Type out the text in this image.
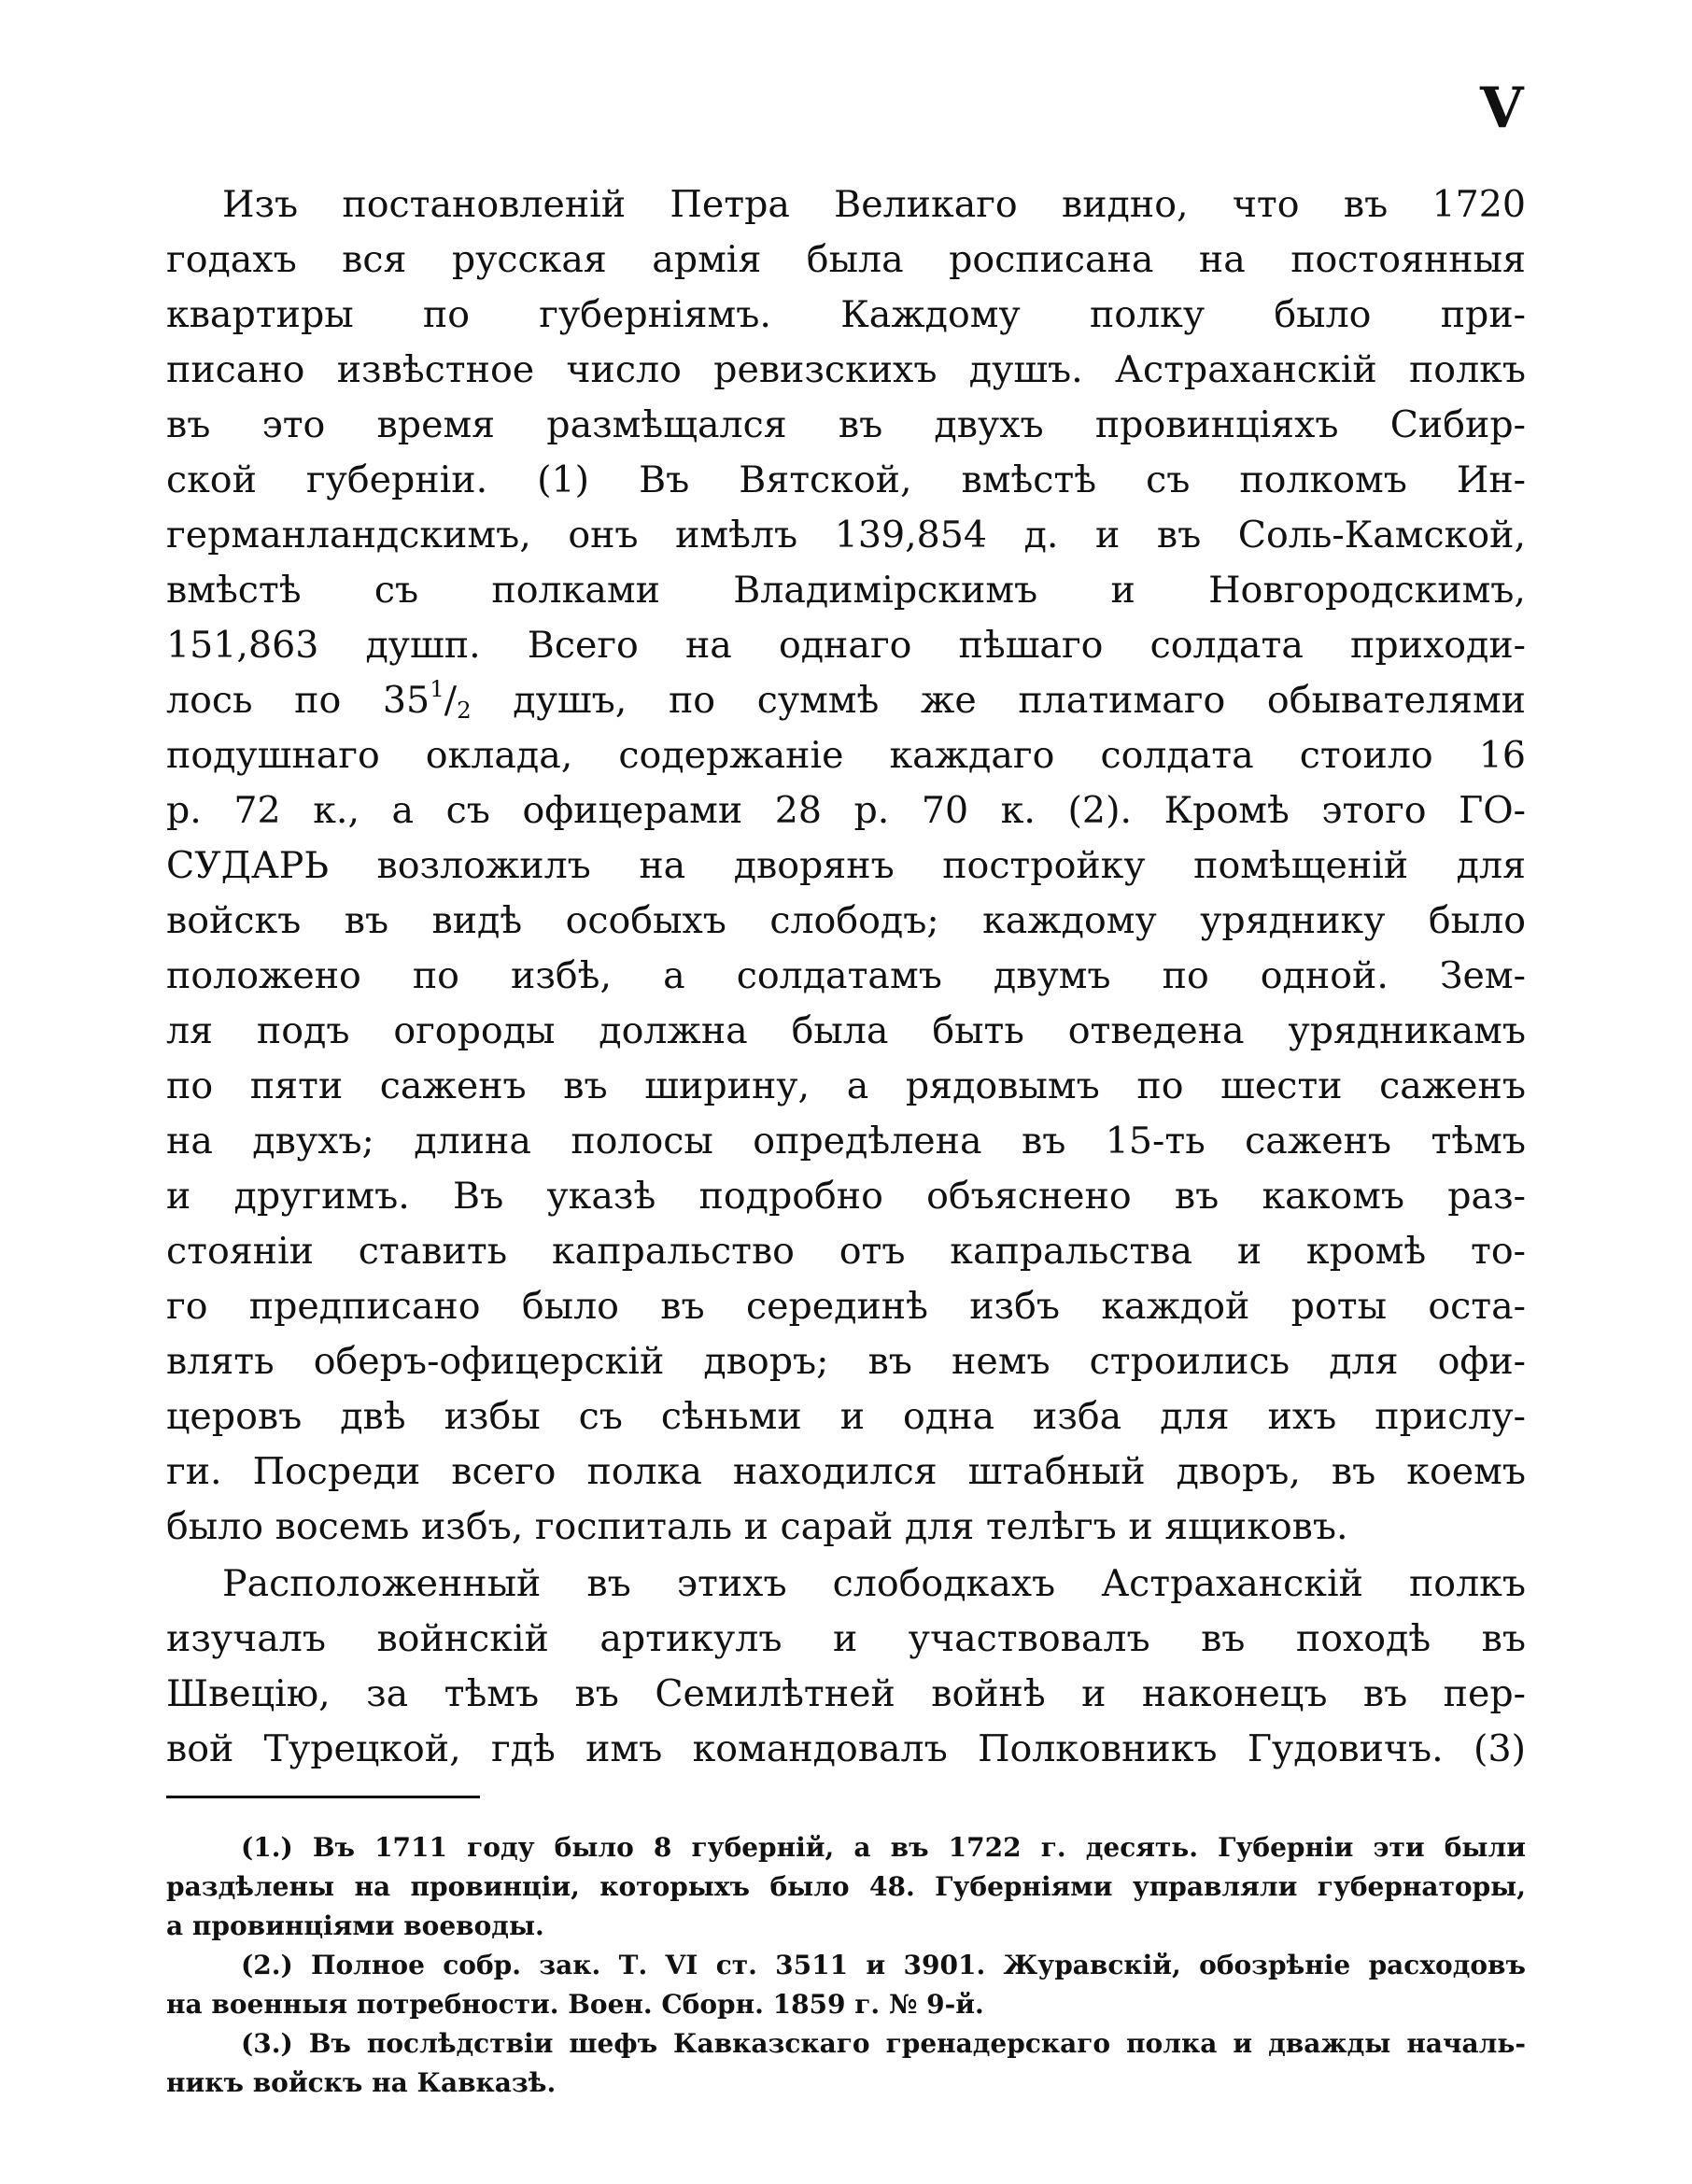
V
Изъ постановленій Петра Великаго видно, что въ 1720
годахъ вся русская армія была росписана на постоянныя
квартиры по губерніямъ. Каждому полку было при-
писано извѣстное число ревизскихъ душъ. Астраханскій полкъ
въ это время размѣщался въ двухъ провинціяхъ Сибир-
ской губерніи. (1) Въ Вятской, вмѣстѣ съ полкомъ Ин-
германландскимъ, онъ имѣлъ 139,854 д. и въ Соль-Камской,
вмѣстѣ съ полками Владимірскимъ и Новгородскимъ,
151,863 душп. Всего на однаго пѣшаго солдата приходи-
лось по $35^1/_2$ душъ, по суммѣ же платимаго обывателями
подушнаго оклада, содержаніе каждаго солдата стоило 16
р. 72 к., а съ офицерами 28 р. 70 к. (2). Кромѣ этого ГО-
СУДАРЬ возложилъ на дворянъ постройку помѣщеній для
войскъ въ видѣ особыхъ слободъ; каждому уряднику было
положено по избѣ, а солдатамъ двумъ по одной. Зем-
ля подъ огороды должна была быть отведена урядникамъ
по пяти саженъ въ ширину, а рядовымъ по шести саженъ
на двухъ; длина полосы опредѣлена въ 15-ть саженъ тѣмъ
и другимъ. Въ указѣ подробно объяснено въ какомъ раз-
стояніи ставить капральство отъ капральства и кромѣ то-
го предписано было въ серединѣ избъ каждой роты оста-
влять оберъ-офицерскій дворъ; въ немъ строились для офи-
церовъ двѣ избы съ сѣньми и одна изба для ихъ прислу-
ги. Посреди всего полка находился штабный дворъ, въ коемъ
было восемь избъ, госпиталь и сарай для телѣгъ и ящиковъ.
Расположенный въ этихъ слободкахъ Астраханскій полкъ
изучалъ войнскій артикулъ и участвовалъ въ походѣ въ
Швецію, за тѣмъ въ Семилѣтней войнѣ и наконецъ въ пер-
вой Турецкой, гдѣ имъ командовалъ Полковникъ Гудовичъ. (3)
(1.) Въ 1711 году было 8 губерній, а въ 1722 г. десять. Губерніи эти были
раздѣлены на провинціи, которыхъ было 48. Губерніями управляли губернаторы,
а провинціями воеводы.
(2.) Полное собр. зак. Т. VI ст. 3511 и 3901. Журавскій, обозрѣніе расходовъ
на военныя потребности. Воен. Сборн. 1859 г. № 9-й.
(3.) Въ послѣдствіи шефъ Кавказскаго гренадерскаго полка и дважды началь-
никъ войскъ на Кавказѣ.
